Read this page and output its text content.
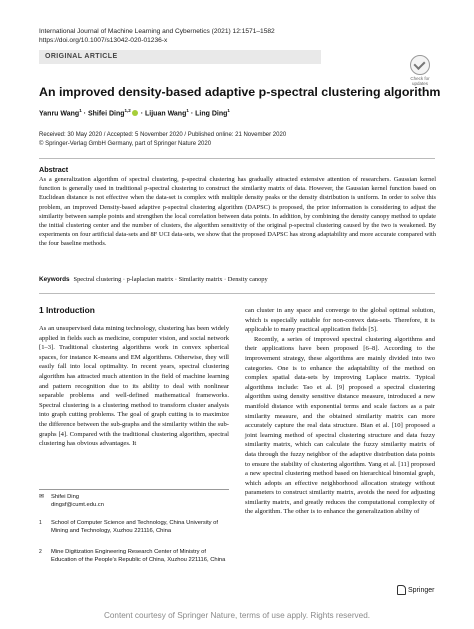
International Journal of Machine Learning and Cybernetics (2021) 12:1571–1582
https://doi.org/10.1007/s13042-020-01236-x
ORIGINAL ARTICLE
Check for updates
An improved density-based adaptive p-spectral clustering algorithm
Yanru Wang$^1$ · Shifei Ding$^{1,2}$ · Lijuan Wang$^1$ · Ling Ding$^1$
Received: 30 May 2020 / Accepted: 5 November 2020 / Published online: 21 November 2020
© Springer-Verlag GmbH Germany, part of Springer Nature 2020
Abstract
As a generalization algorithm of spectral clustering, p-spectral clustering has gradually attracted extensive attention of researchers. Gaussian kernel function is generally used in traditional p-spectral clustering to construct the similarity matrix of data. However, the Gaussian kernel function based on Euclidean distance is not effective when the data-set is complex with multiple density peaks or the density distribution is uniform. In order to solve this problem, an improved Density-based adaptive p-spectral clustering algorithm (DAPSC) is proposed, the prior information is considering to adjust the similarity between sample points and strengthen the local correlation between data points. In addition, by combining the density canopy method to update the initial clustering center and the number of clusters, the algorithm sensitivity of the original p-spectral clustering caused by the two is weakened. By experiments on four artificial data-sets and 8F UCI data-sets, we show that the proposed DAPSC has strong adaptability and more accurate compared with the four baseline methods.
Keywords Spectral clustering · p-laplacian matrix · Similarity matrix · Density canopy
1 Introduction

As an unsupervised data mining technology, clustering has been widely applied in fields such as medicine, computer vision, and social network [1–3]. Traditional clustering algorithms work in convex spherical spaces, for instance K-means and EM algorithms. Otherwise, they will easily fall into local optimality. In recent years, spectral clustering algorithm has attracted much attention in the field of machine learning and pattern recognition due to its ability to deal with nonlinear separable problems and well-defined mathematical frameworks. Spectral clustering is a clustering method to transform cluster analysis into graph cutting problems. The goal of graph cutting is to maximize the difference between the sub-graphs and the similarity within the sub-graphs [4]. Compared with the traditional clustering algorithm, spectral clustering has obvious advantages. It

can cluster in any space and converge to the global optimal solution, which is especially suitable for non-convex data-sets. Therefore, it is applicable to many practical application fields [5].

Recently, a series of improved spectral clustering algorithms and their applications have been proposed [6–8]. According to the improvement strategy, these algorithms are mainly divided into two categories. One is to enhance the adaptability of the method on complex spatial data-sets by improving Laplace matrix. Typical algorithms include: Tao et al. [9] proposed a spectral clustering algorithm using density sensitive distance measure, introduced a new manifold distance with exponential terms and scale factors as a pair similarity measure, and the obtained similarity matrix can more accurately capture the real data structure. Bian et al. [10] proposed a joint learning method of spectral clustering structure and data fuzzy similarity matrix, which can calculate the fuzzy similarity matrix of data through the fuzzy neighbor of the adaptive distribution data points to ensure the stability of clustering algorithm. Yang et al. [11] proposed a new spectral clustering method based on hierarchical binomial graph, which adopts an effective neighborhood allocation strategy without parameters to construct similarity matrix, avoids the need for adjusting similarity matrix, and greatly reduces the computational complexity of the algorithm. The other is to enhance the generalization ability of

✉ Shifei Ding
dingsf@cumt.edu.cn
1 School of Computer Science and Technology, China University of Mining and Technology, Xuzhou 221116, China
2 Mine Digitization Engineering Research Center of Ministry of Education of the People’s Republic of China, Xuzhou 221116, China
Springer
Content courtesy of Springer Nature, terms of use apply. Rights reserved.
